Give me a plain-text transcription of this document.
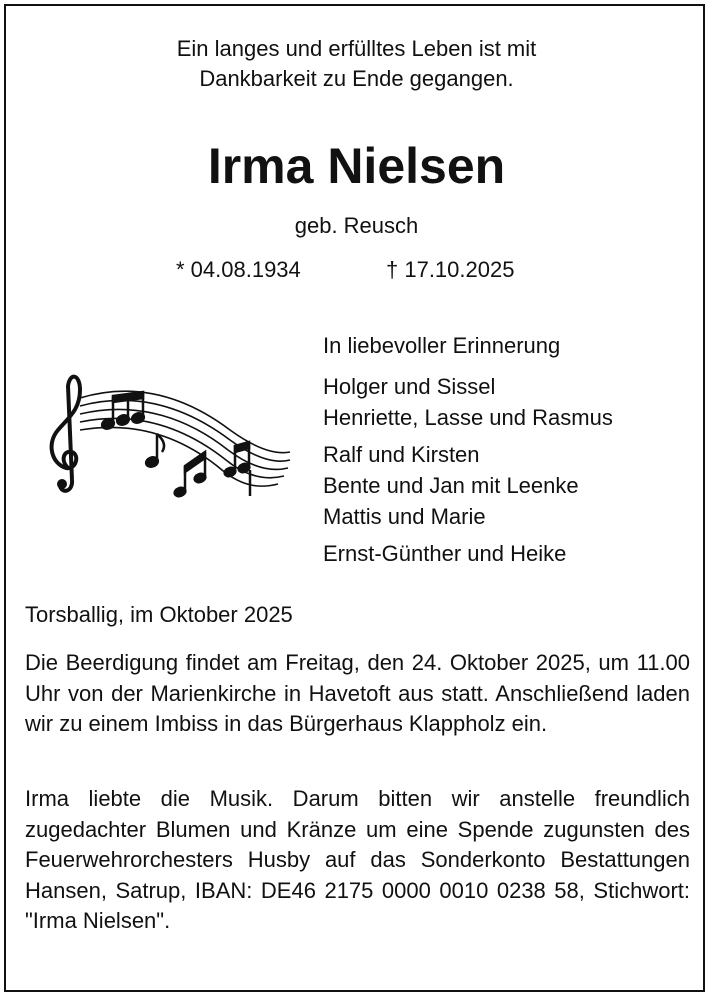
Ein langes und erfülltes Leben ist mit
Dankbarkeit zu Ende gegangen.
Irma Nielsen
geb. Reusch
* 04.08.1934	† 17.10.2025
In liebevoller Erinnerung
Holger und Sissel
Henriette, Lasse und Rasmus
Ralf und Kirsten
Bente und Jan mit Leenke
Mattis und Marie
Ernst-Günther und Heike
Torsballig, im Oktober 2025
Die Beerdigung findet am Freitag, den 24. Oktober 2025, um 11.00 Uhr von der Marienkirche in Havetoft aus statt. Anschließend laden wir zu einem Imbiss in das Bürgerhaus Klappholz ein.
Irma liebte die Musik. Darum bitten wir anstelle freundlich zugedachter Blumen und Kränze um eine Spende zugunsten des Feuerwehrorchesters Husby auf das Sonderkonto Bestattungen Hansen, Satrup, IBAN: DE46 2175 0000 0010 0238 58, Stichwort: "Irma Nielsen".
